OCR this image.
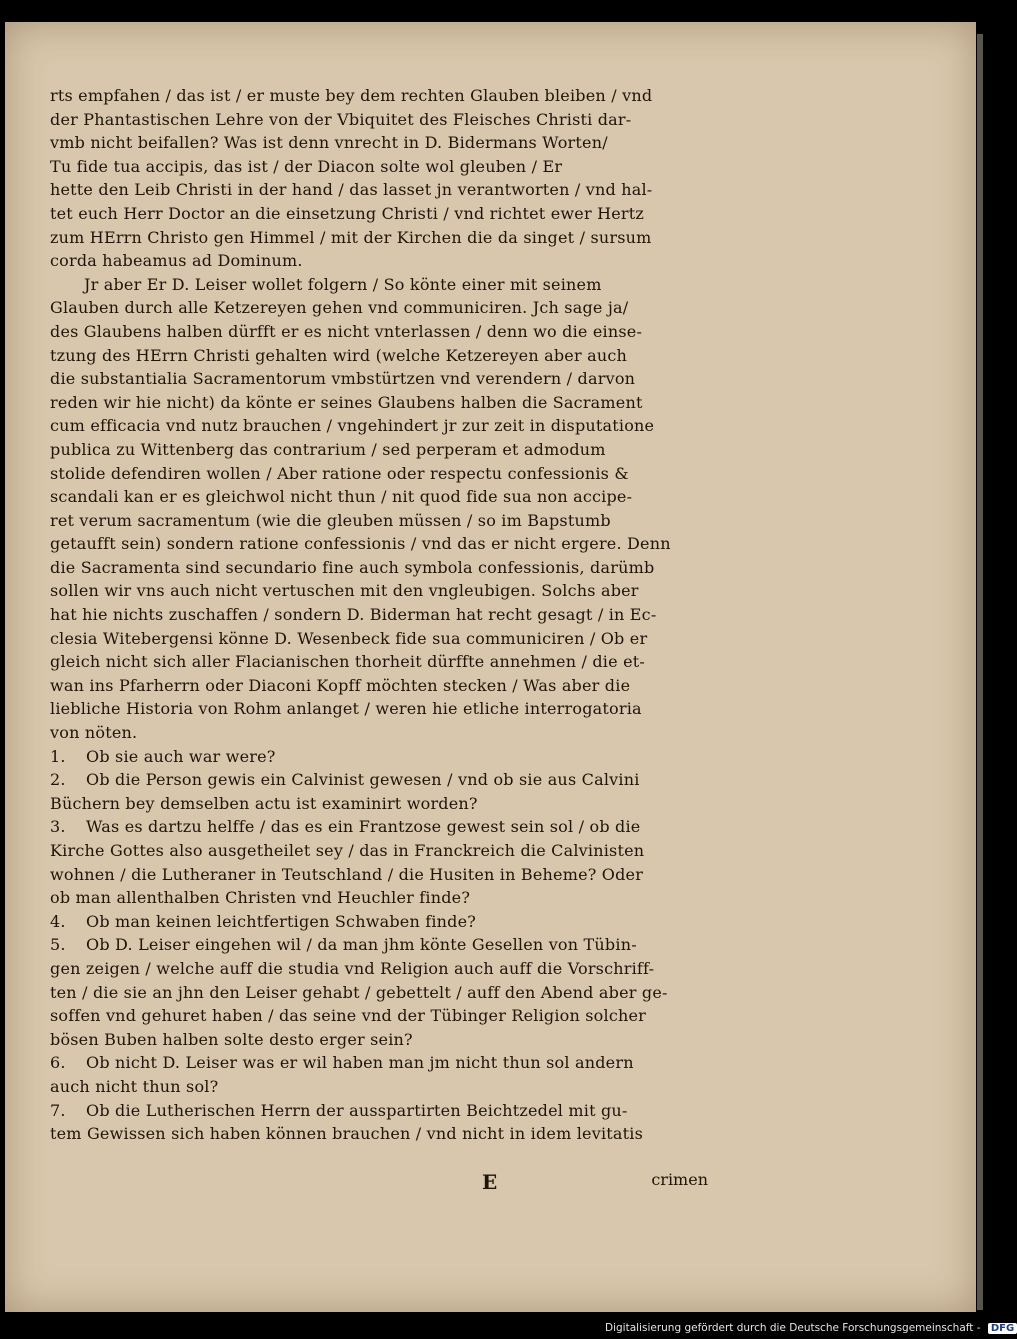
rts empfahen / das ist / er muste bey dem rechten Glauben bleiben / vnd
der Phantastischen Lehre von der Vbiquitet des Fleisches Christi dar-
vmb nicht beifallen? Was ist denn vnrecht in D. Bidermans Worten/
Tu fide tua accipis, das ist / der Diacon solte wol gleuben / Er
hette den Leib Christi in der hand / das lasset jn verantworten / vnd hal-
tet euch Herr Doctor an die einsetzung Christi / vnd richtet ewer Hertz
zum HErrn Christo gen Himmel / mit der Kirchen die da singet / sursum
corda habeamus ad Dominum.
Jr aber Er D. Leiser wollet folgern / So könte einer mit seinem
Glauben durch alle Ketzereyen gehen vnd communiciren. Jch sage ja/
des Glaubens halben dürfft er es nicht vnterlassen / denn wo die einse-
tzung des HErrn Christi gehalten wird (welche Ketzereyen aber auch
die substantialia Sacramentorum vmbstürtzen vnd verendern / darvon
reden wir hie nicht) da könte er seines Glaubens halben die Sacrament
cum efficacia vnd nutz brauchen / vngehindert jr zur zeit in disputatione
publica zu Wittenberg das contrarium / sed perperam et admodum
stolide defendiren wollen / Aber ratione oder respectu confessionis &
scandali kan er es gleichwol nicht thun / nit quod fide sua non accipe-
ret verum sacramentum (wie die gleuben müssen / so im Bapstumb
getaufft sein) sondern ratione confessionis / vnd das er nicht ergere. Denn
die Sacramenta sind secundario fine auch symbola confessionis, darümb
sollen wir vns auch nicht vertuschen mit den vngleubigen. Solchs aber
hat hie nichts zuschaffen / sondern D. Biderman hat recht gesagt / in Ec-
clesia Witebergensi könne D. Wesenbeck fide sua communiciren / Ob er
gleich nicht sich aller Flacianischen thorheit dürffte annehmen / die et-
wan ins Pfarherrn oder Diaconi Kopff möchten stecken / Was aber die
liebliche Historia von Rohm anlanget / weren hie etliche interrogatoria
von nöten.
1. Ob sie auch war were?
2. Ob die Person gewis ein Calvinist gewesen / vnd ob sie aus Calvini
Büchern bey demselben actu ist examinirt worden?
3. Was es dartzu helffe / das es ein Frantzose gewest sein sol / ob die
Kirche Gottes also ausgetheilet sey / das in Franckreich die Calvinisten
wohnen / die Lutheraner in Teutschland / die Husiten in Beheme? Oder
ob man allenthalben Christen vnd Heuchler finde?
4. Ob man keinen leichtfertigen Schwaben finde?
5. Ob D. Leiser eingehen wil / da man jhm könte Gesellen von Tübin-
gen zeigen / welche auff die studia vnd Religion auch auff die Vorschriff-
ten / die sie an jhn den Leiser gehabt / gebettelt / auff den Abend aber ge-
soffen vnd gehuret haben / das seine vnd der Tübinger Religion solcher
bösen Buben halben solte desto erger sein?
6. Ob nicht D. Leiser was er wil haben man jm nicht thun sol andern
auch nicht thun sol?
7. Ob die Lutherischen Herrn der ausspartirten Beichtzedel mit gu-
tem Gewissen sich haben können brauchen / vnd nicht in idem levitatis
E	crimen
Digitalisierung gefördert durch die Deutsche Forschungsgemeinschaft - DFG
